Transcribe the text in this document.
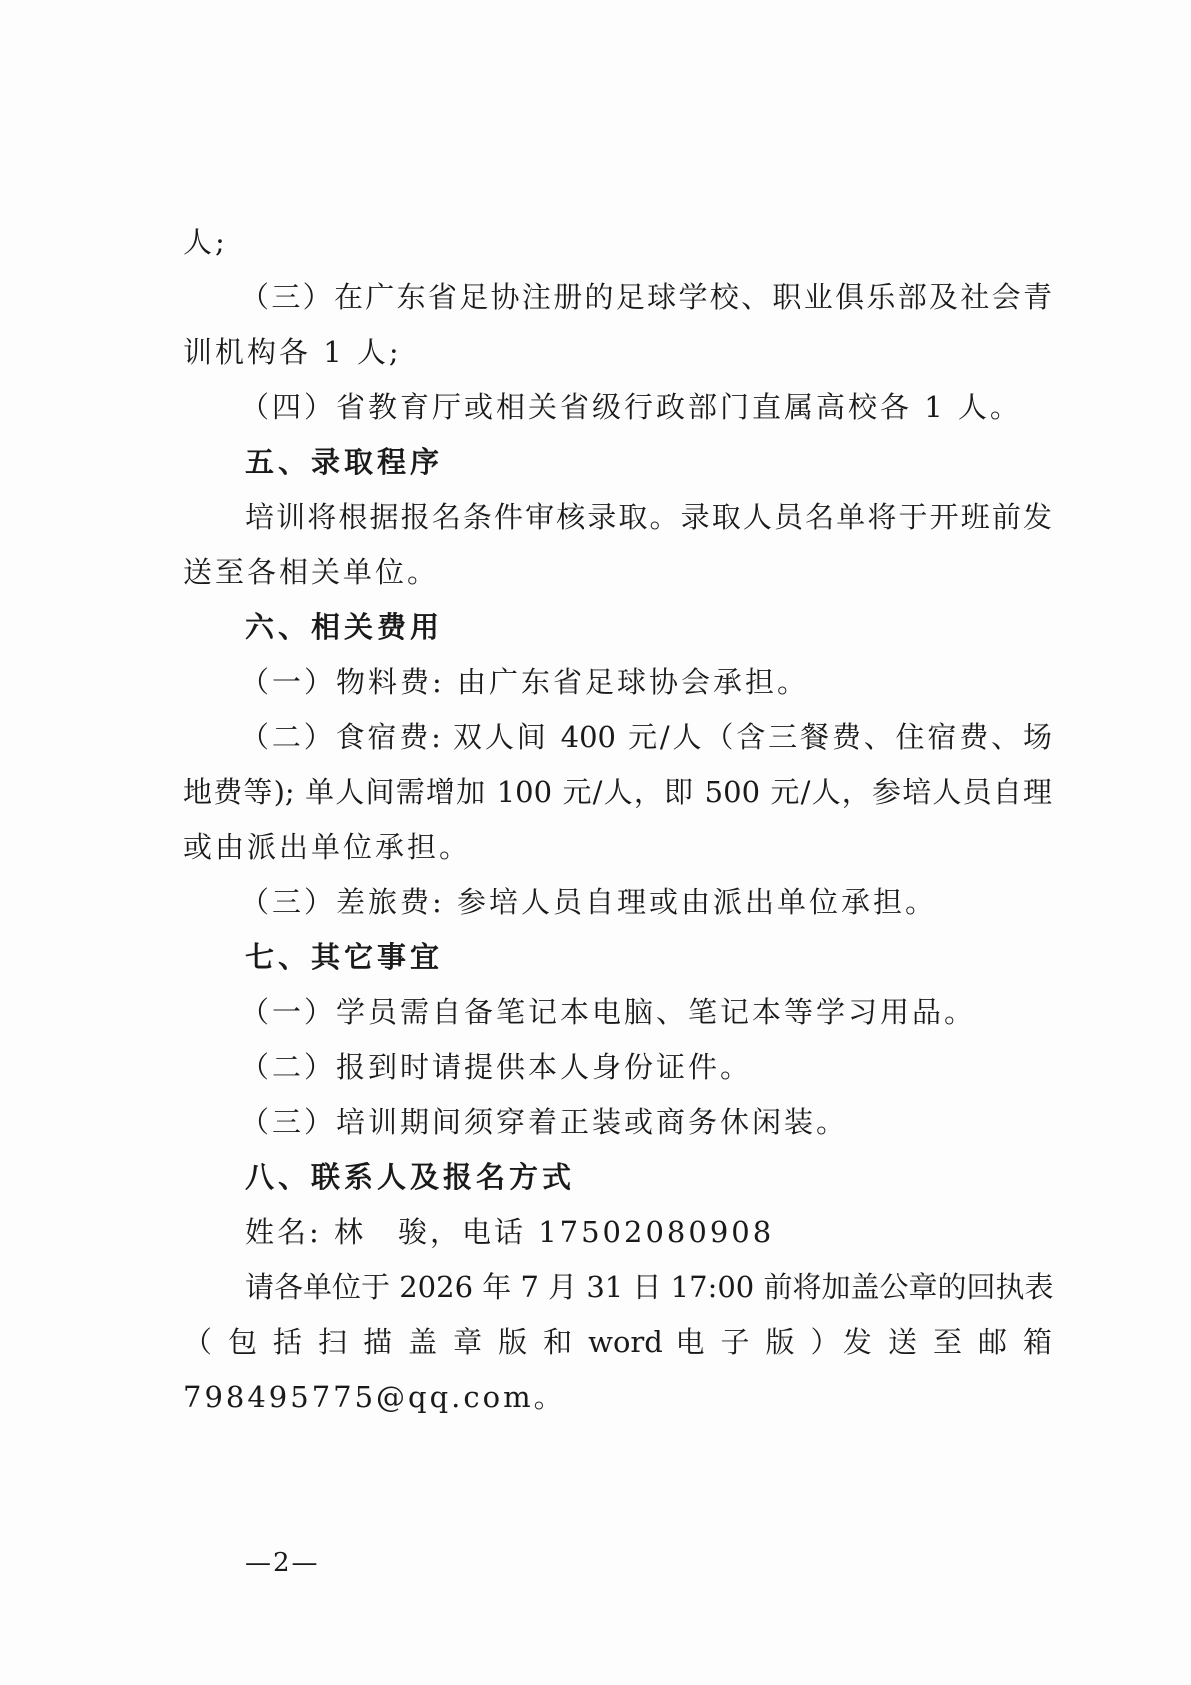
人;
（三）在广东省足协注册的足球学校、职业俱乐部及社会青
训机构各 1 人;
（四）省教育厅或相关省级行政部门直属高校各 1 人。
五、录取程序
培训将根据报名条件审核录取。录取人员名单将于开班前发
送至各相关单位。
六、相关费用
（一）物料费: 由广东省足球协会承担。
（二）食宿费: 双人间 400 元/人（含三餐费、住宿费、场
地费等); 单人间需增加 100 元/人，即 500 元/人，参培人员自理
或由派出单位承担。
（三）差旅费: 参培人员自理或由派出单位承担。
七、其它事宜
（一）学员需自备笔记本电脑、笔记本等学习用品。
（二）报到时请提供本人身份证件。
（三）培训期间须穿着正装或商务休闲装。
八、联系人及报名方式
姓名: 林　骏，电话 17502080908
请各单位于 2026 年 7 月 31 日 17:00 前将加盖公章的回执表
（ 包 括 扫 描 盖 章 版 和 word 电 子 版 ）发 送 至 邮 箱
798495775@qq.com。
—2—
